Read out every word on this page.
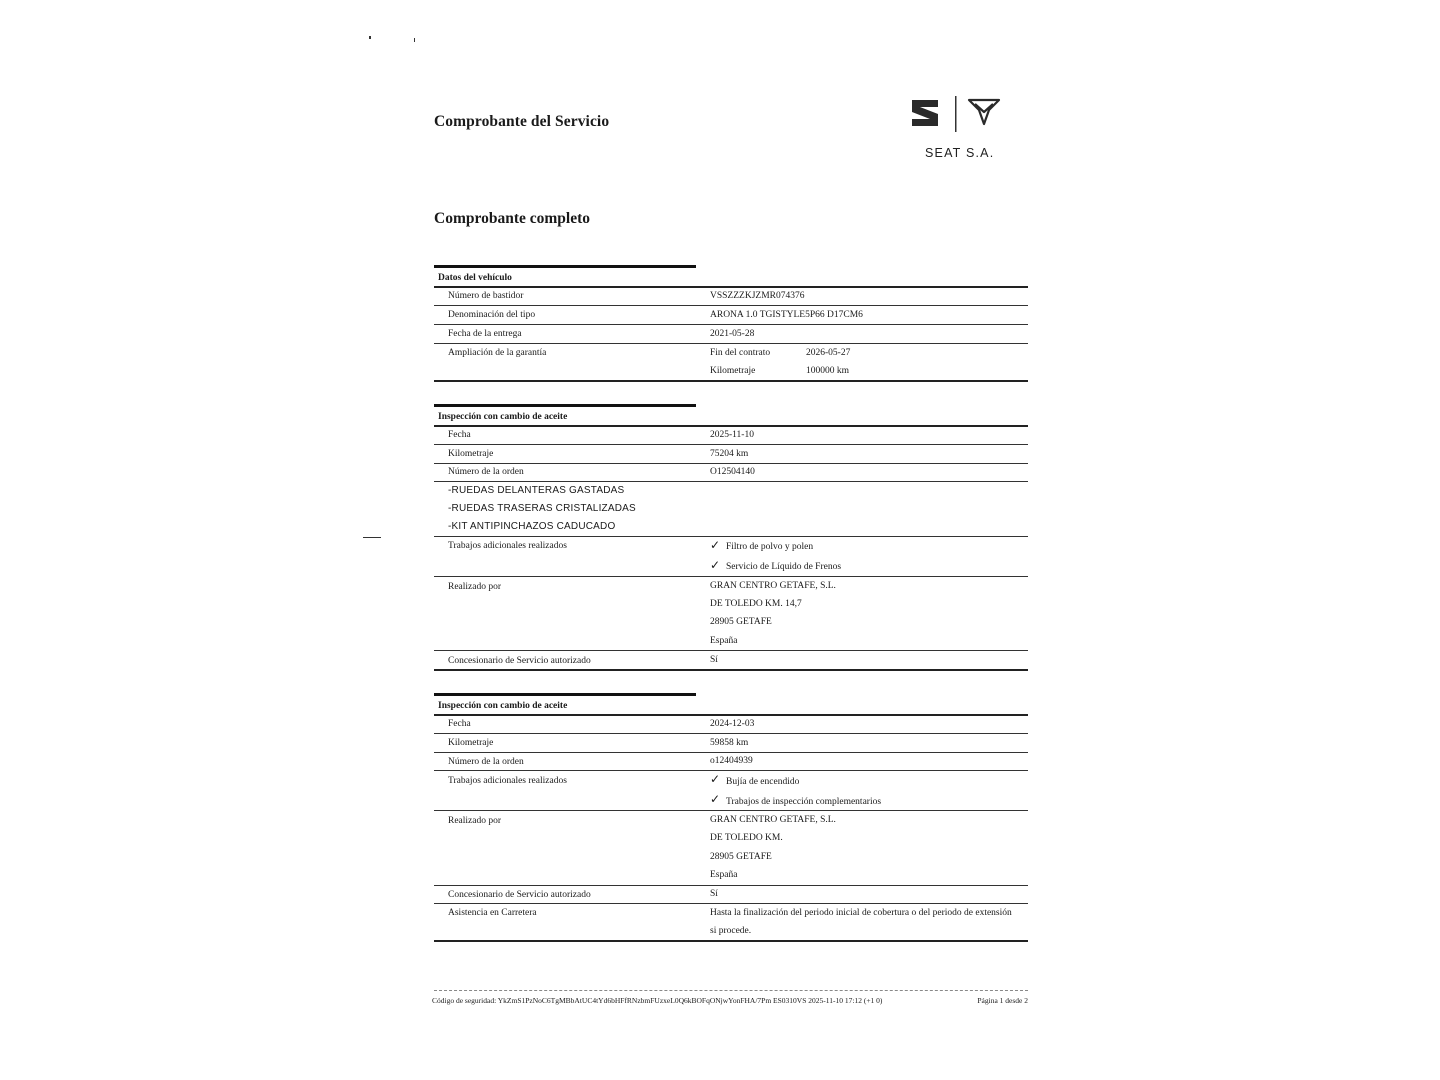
Comprobante del Servicio
SEAT S.A.
Comprobante completo
Datos del vehículo
Número de bastidor	VSSZZZKJZMR074376
Denominación del tipo	ARONA 1.0 TGISTYLE5P66 D17CM6
Fecha de la entrega	2021-05-28
Ampliación de la garantía	Fin del contrato	2026-05-27
Kilometraje	100000 km
Inspección con cambio de aceite
Fecha	2025-11-10
Kilometraje	75204 km
Número de la orden	O12504140
-RUEDAS DELANTERAS GASTADAS
-RUEDAS TRASERAS CRISTALIZADAS
-KIT ANTIPINCHAZOS CADUCADO
Trabajos adicionales realizados	✓ Filtro de polvo y polen
✓ Servicio de Líquido de Frenos
Realizado por	GRAN CENTRO GETAFE, S.L.
DE TOLEDO KM. 14,7
28905 GETAFE
España
Concesionario de Servicio autorizado	Sí
Inspección con cambio de aceite
Fecha	2024-12-03
Kilometraje	59858 km
Número de la orden	o12404939
Trabajos adicionales realizados	✓ Bujía de encendido
✓ Trabajos de inspección complementarios
Realizado por	GRAN CENTRO GETAFE, S.L.
DE TOLEDO KM.
28905 GETAFE
España
Concesionario de Servicio autorizado	Sí
Asistencia en Carretera	Hasta la finalización del periodo inicial de cobertura o del periodo de extensión
si procede.
Código de seguridad: YkZmS1PzNoC6TgMBbAtUC4tYd6bHFfRNzbmFUzxeL0Q6kBOFqONjwYonFHA/7Pm ES0310VS 2025-11-10 17:12 (+1 0)	Página 1 desde 2
